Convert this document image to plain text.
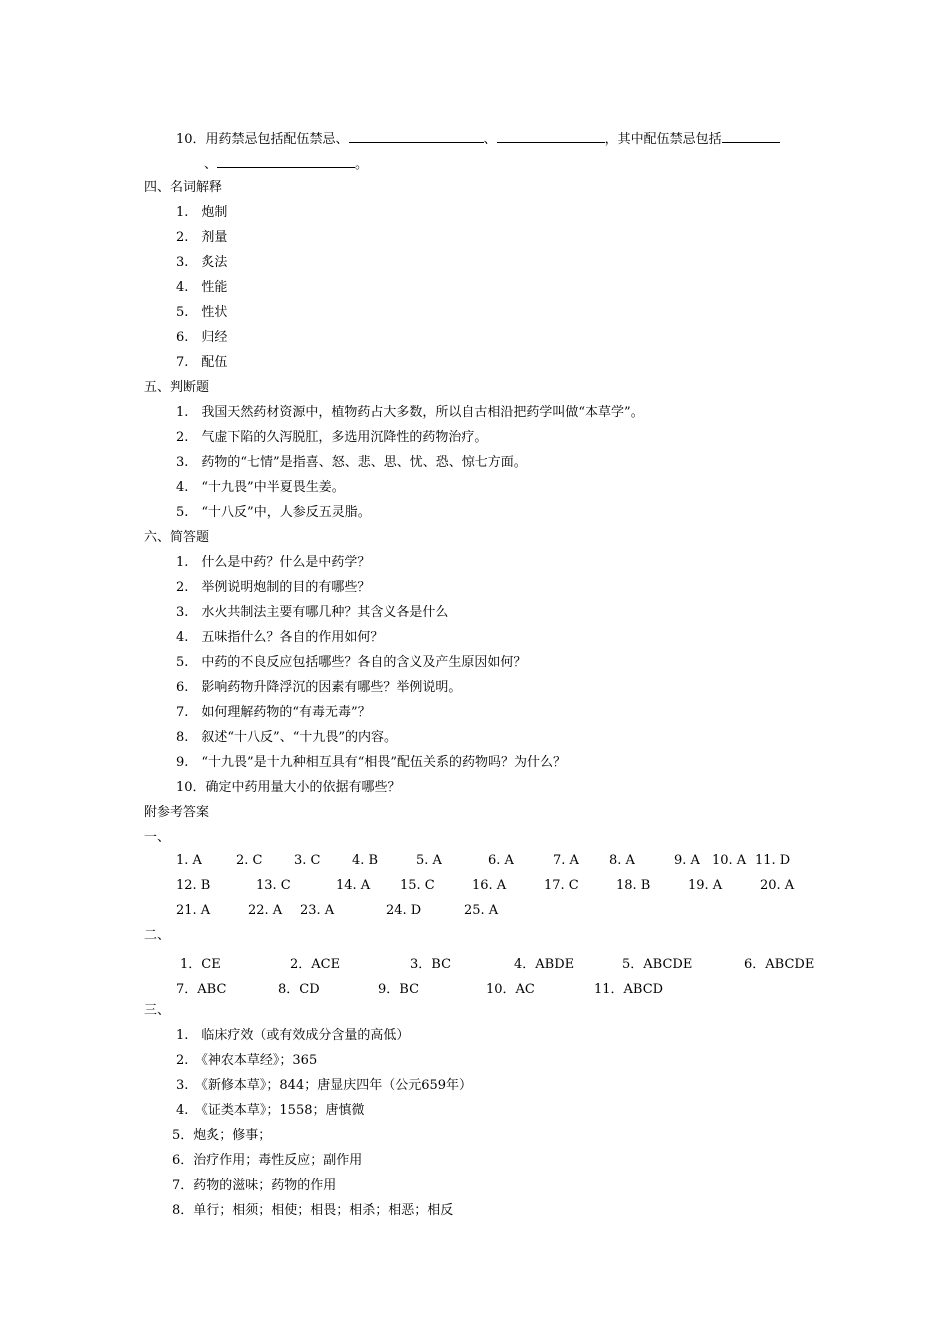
10．用药禁忌包括配伍禁忌、	、	，其中配伍禁忌包括
、	。
四、名词解释
1.　炮制
2.　剂量
3.　炙法
4.　性能
5.　性状
6.　归经
7.　配伍
五、判断题
1.　我国天然药材资源中，植物药占大多数，所以自古相沿把药学叫做“本草学”。
2.　气虚下陷的久泻脱肛，多选用沉降性的药物治疗。
3.　药物的“七情”是指喜、怒、悲、思、忧、恐、惊七方面。
4.　“十九畏”中半夏畏生姜。
5.　“十八反”中，人参反五灵脂。
六、简答题
1.　什么是中药？什么是中药学？
2.　举例说明炮制的目的有哪些？
3.　水火共制法主要有哪几种？其含义各是什么
4.　五味指什么？各自的作用如何？
5.　中药的不良反应包括哪些？各自的含义及产生原因如何？
6.　影响药物升降浮沉的因素有哪些？举例说明。
7.　如何理解药物的“有毒无毒”？
8.　叙述“十八反”、“十九畏”的内容。
9.　“十九畏”是十九种相互具有“相畏”配伍关系的药物吗？为什么？
10．确定中药用量大小的依据有哪些？
附参考答案
一、
1. A	2. C 3. C 4. B	5. A	6. A	7. A 8. A	9. A 10. A 11. D
12. B	13. C	14. A 15. C	16. A	17. C	18. B	19. A	20. A
21. A	22. A 23. A	24. D	25. A
二、
1．CE	2．ACE	3．BC	4．ABDE	5．ABCDE	6．ABCDE
7．ABC	8．CD	9．BC	10．AC	11．ABCD
三、
1.　临床疗效（或有效成分含量的高低）
2.　《神农本草经》；365
3.　《新修本草》；844；唐显庆四年（公元659年）
4.　《证类本草》；1558；唐慎微
5．炮炙；修事；
6．治疗作用；毒性反应；副作用
7．药物的滋味；药物的作用
8．单行；相须；相使；相畏；相杀；相恶；相反
